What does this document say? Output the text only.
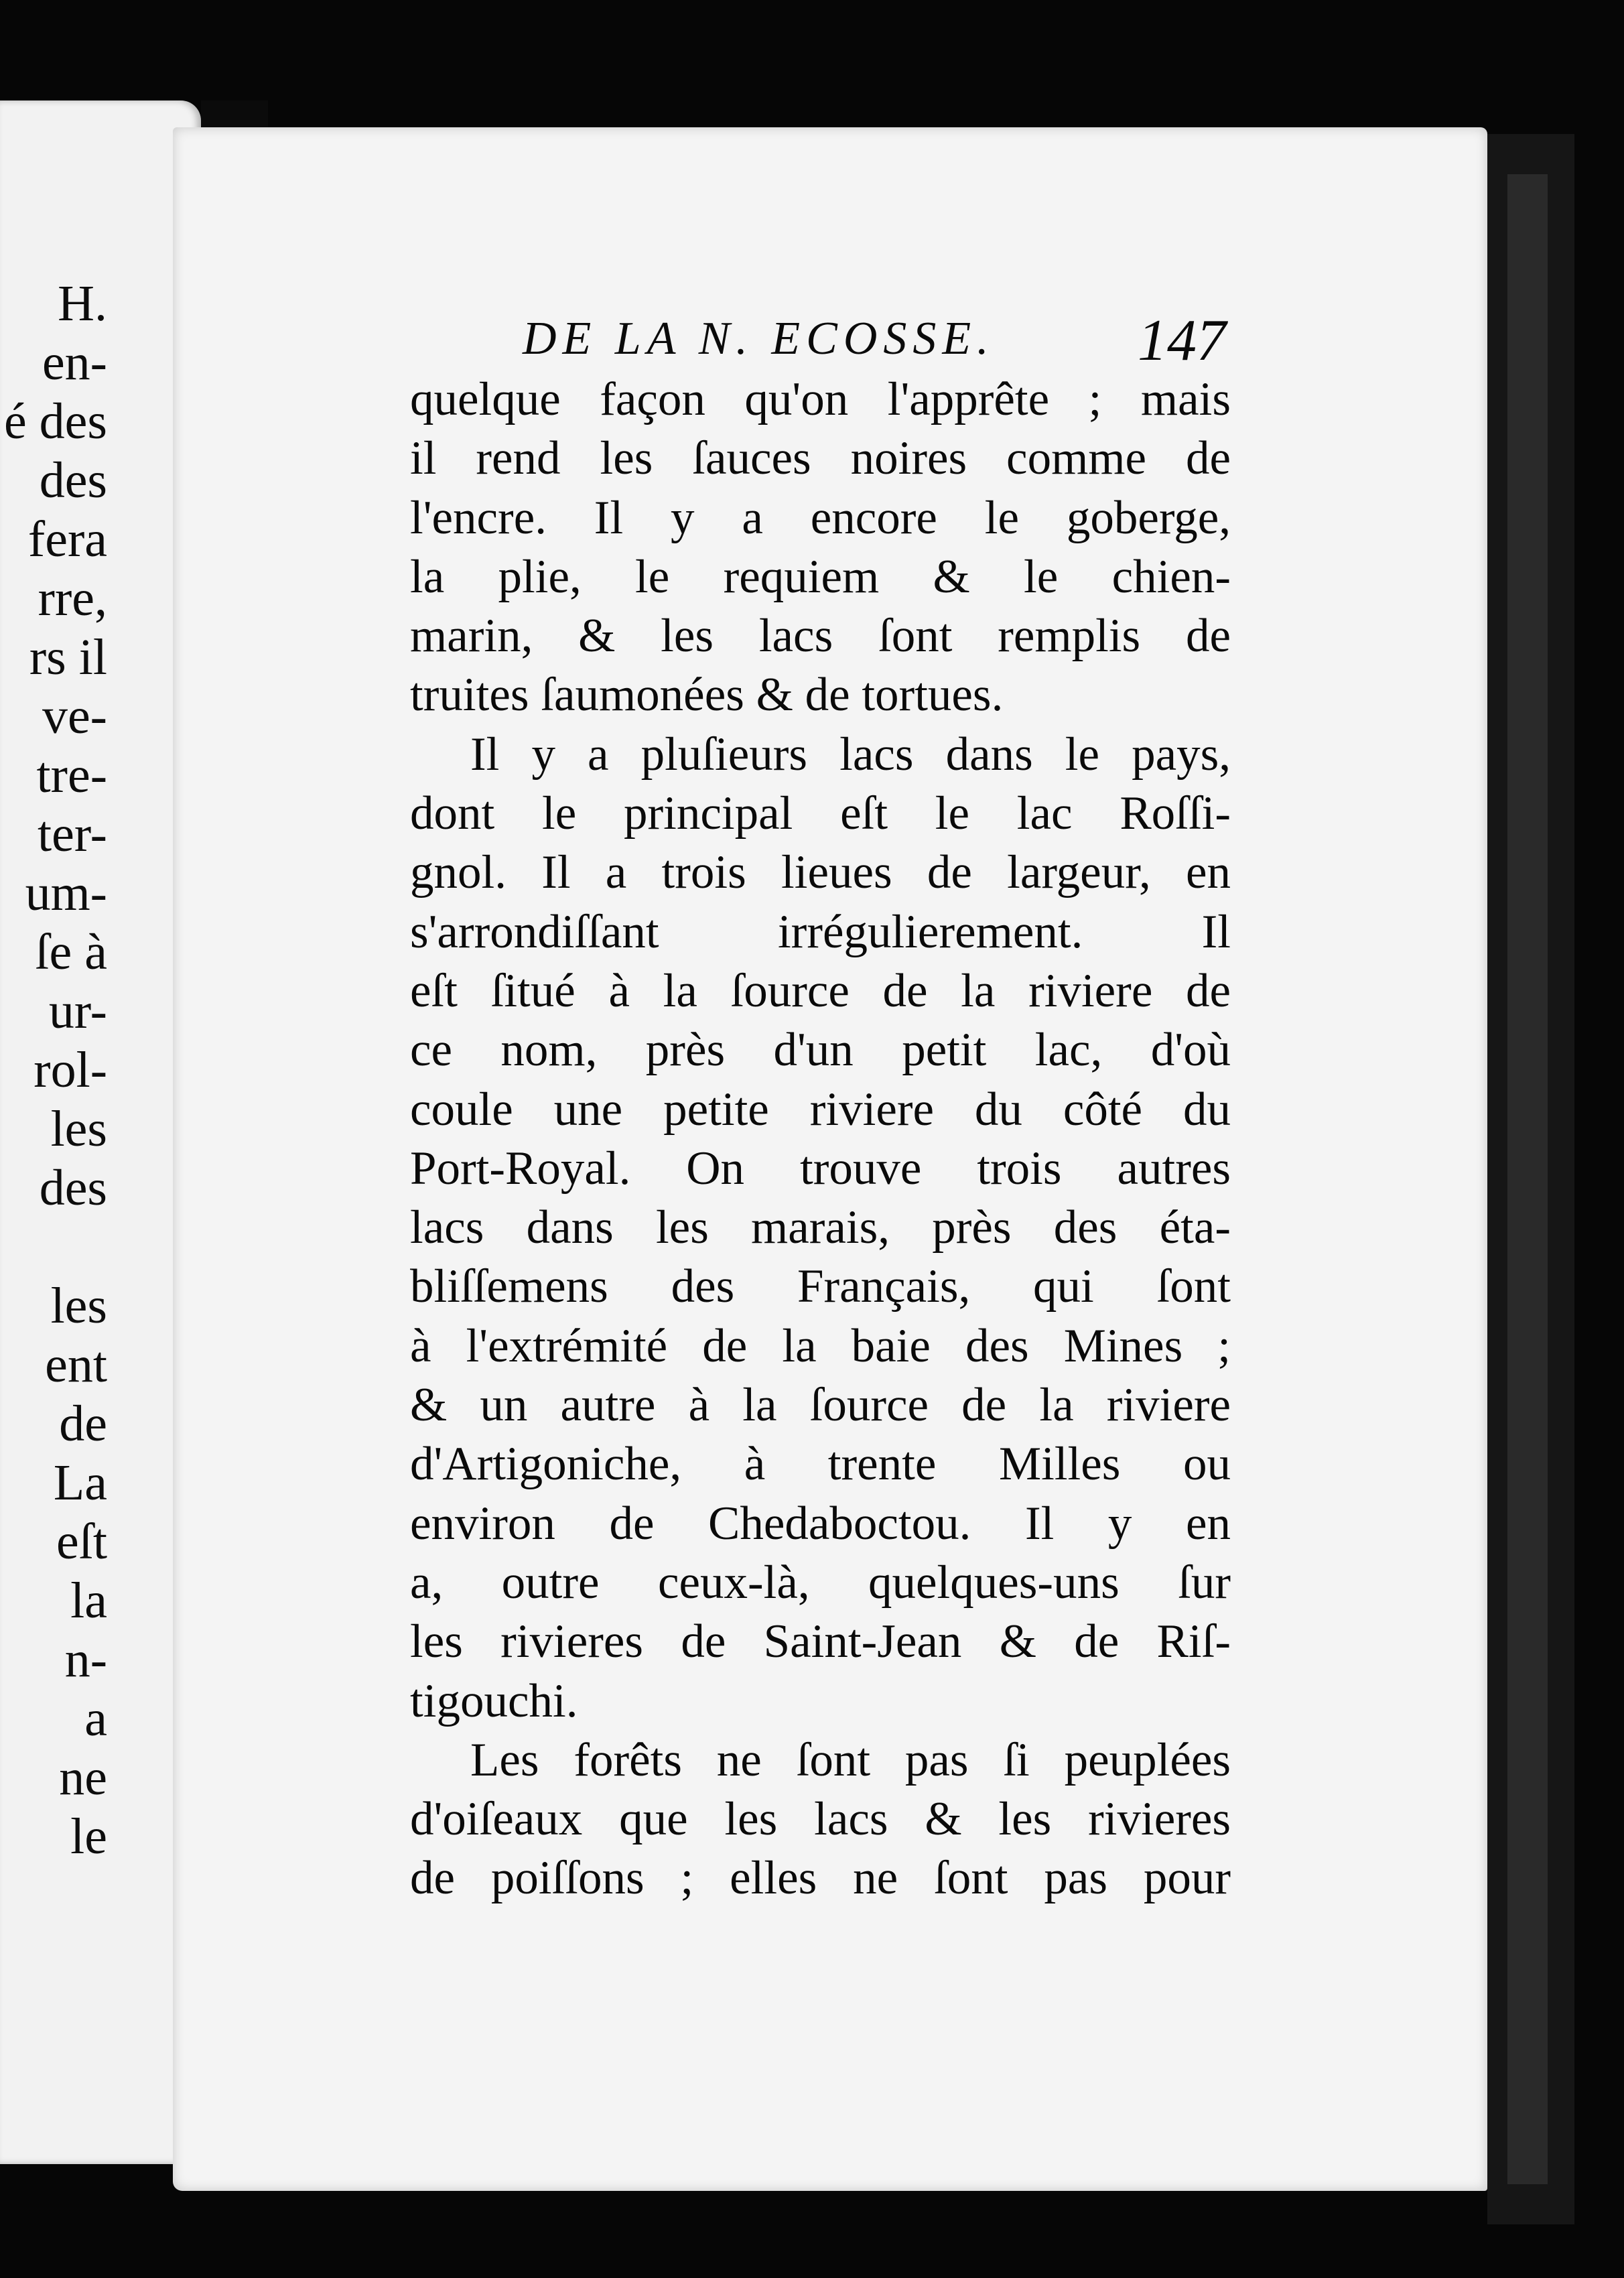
H.
en-
é des
des
fera
rre,
rs il
ve-
tre-
ter-
um-
ſe à
ur-
rol-
les
des
les
ent
de
La
eſt
la
n-
a
ne
le
DE LA N. ECOSSE. 147
quelque façon qu'on l'apprête ; mais
il rend les ſauces noires comme de
l'encre. Il y a encore le goberge,
la plie, le requiem & le chien-
marin, & les lacs ſont remplis de
truites ſaumonées & de tortues.
Il y a pluſieurs lacs dans le pays,
dont le principal eſt le lac Roſſi-
gnol. Il a trois lieues de largeur, en
s'arrondiſſant irrégulierement. Il
eſt ſitué à la ſource de la riviere de
ce nom, près d'un petit lac, d'où
coule une petite riviere du côté du
Port-Royal. On trouve trois autres
lacs dans les marais, près des éta-
bliſſemens des Français, qui ſont
à l'extrémité de la baie des Mines ;
& un autre à la ſource de la riviere
d'Artigoniche, à trente Milles ou
environ de Chedaboctou. Il y en
a, outre ceux-là, quelques-uns ſur
les rivieres de Saint-Jean & de Riſ-
tigouchi.
Les forêts ne ſont pas ſi peuplées
d'oiſeaux que les lacs & les rivieres
de poiſſons ; elles ne ſont pas pour
